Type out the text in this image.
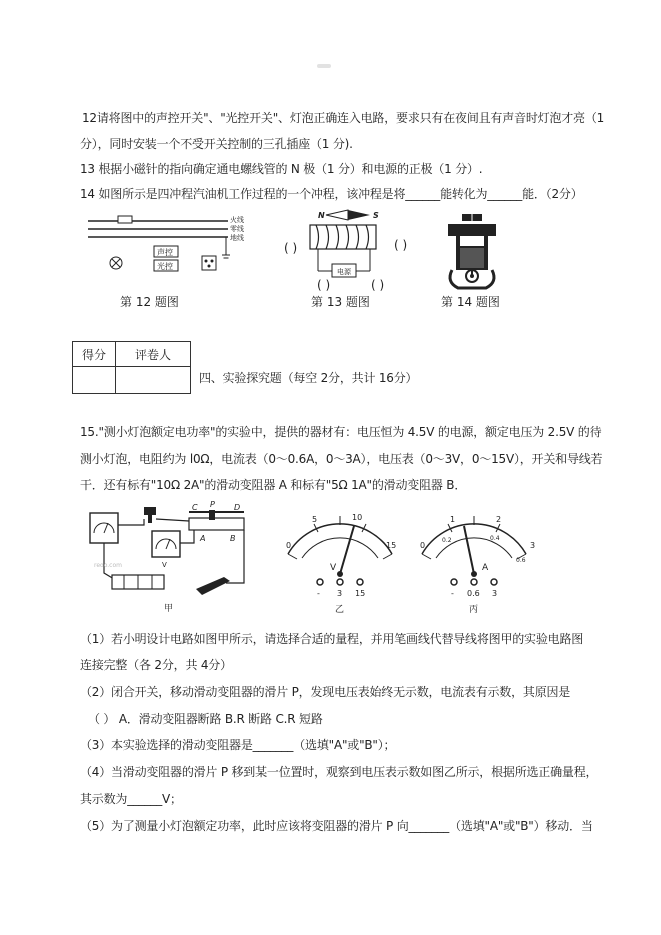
12请将图中的声控开关"、"光控开关"、灯泡正确连入电路，要求只有在夜间且有声音时灯泡才亮（1
分），同时安装一个不受开关控制的三孔插座（1 分).
13 根据小磁针的指向确定通电螺线管的 N 极（1 分）和电源的正极（1 分）.
14 如图所示是四冲程汽油机工作过程的一个冲程，该冲程是将______能转化为______能．（2分）
火线
零线
地线
声控
光控
第 12 题图
N	S
电源
( )	( )
( )	( )
第 13 题图	第 14 题图
得分	评卷人

四、实验探究题（每空 2分，共计 16分）
15."测小灯泡额定电功率"的实验中，提供的器材有：电压恒为 4.5V 的电源，额定电压为 2.5V 的待
测小灯泡，电阻约为 l0Ω，电流表（0～0.6A，0～3A），电压表（0～3V，0～15V），开关和导线若
干．还有标有"10Ω 2A"的滑动变阻器 A 和标有"5Ω 1A"的滑动变阻器 B．
V
C P D
A	B
reoo.com
甲
0
5	10
15
V
- 3 15
乙
0
1	2
3
0.2	0.4
0.6
A
- 0.6 3
丙
（1）若小明设计电路如图甲所示，请选择合适的量程，并用笔画线代替导线将图甲的实验电路图
连接完整（各 2分，共 4分）
（2）闭合开关，移动滑动变阻器的滑片 P，发现电压表始终无示数，电流表有示数，其原因是
（ ） A．滑动变阻器断路 B.R 断路 C.R 短路
（3）本实验选择的滑动变阻器是_______（选填"A"或"B"）；
（4）当滑动变阻器的滑片 P 移到某一位置时，观察到电压表示数如图乙所示，根据所选正确量程，
其示数为______V；
（5）为了测量小灯泡额定功率，此时应该将变阻器的滑片 P 向_______（选填"A"或"B"）移动．当
